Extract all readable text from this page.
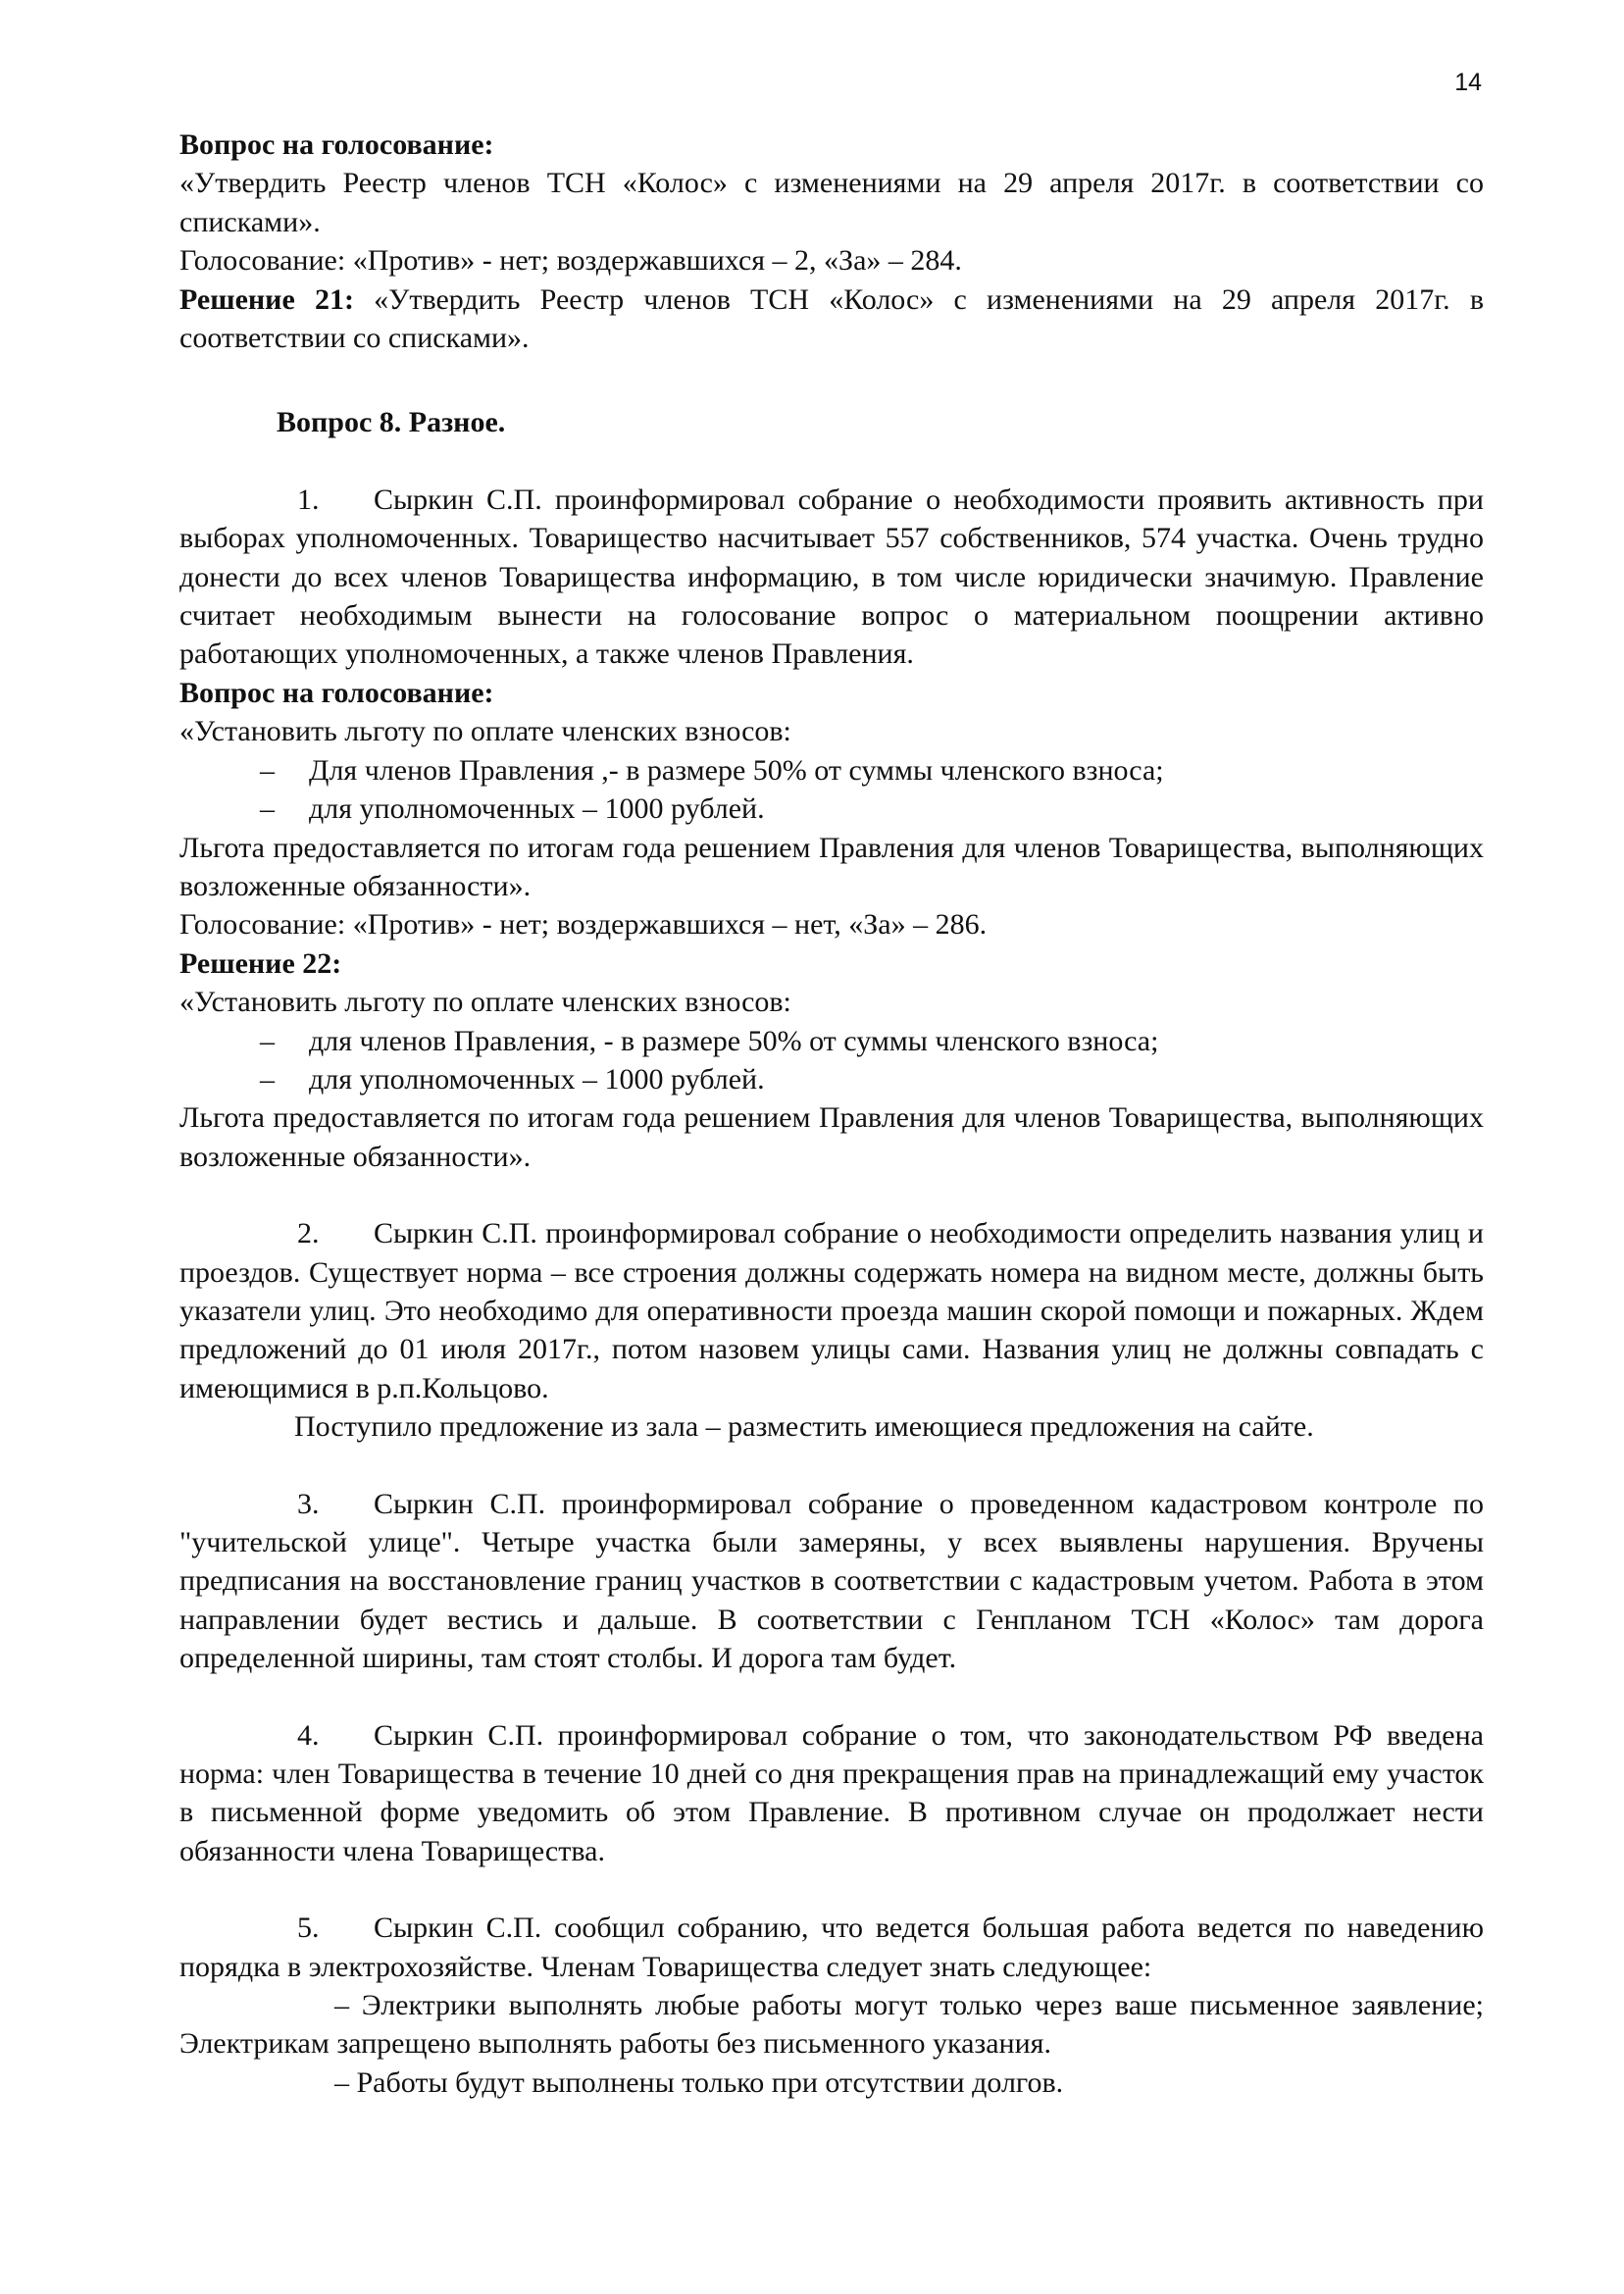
14

Вопрос на голосование:

«Утвердить Реестр членов ТСН «Колос» с изменениями на 29 апреля 2017г. в соответствии со списками».

Голосование: «Против» - нет; воздержавшихся – 2, «За» – 284.

Решение 21: «Утвердить Реестр членов ТСН «Колос» с изменениями на 29 апреля 2017г. в соответствии со списками».

Вопрос 8. Разное.

1. Сыркин С.П. проинформировал собрание о необходимости проявить активность при выборах уполномоченных. Товарищество насчитывает 557 собственников, 574 участка. Очень трудно донести до всех членов Товарищества информацию, в том числе юридически значимую. Правление считает необходимым вынести на голосование вопрос о материальном поощрении активно работающих уполномоченных, а также членов Правления.

Вопрос на голосование:

«Установить льготу по оплате членских взносов:

– Для членов Правления ,- в размере 50% от суммы членского взноса;

– для уполномоченных – 1000 рублей.

Льгота предоставляется по итогам года решением Правления для членов Товарищества, выполняющих возложенные обязанности».

Голосование: «Против» - нет; воздержавшихся – нет, «За» – 286.

Решение 22:

«Установить льготу по оплате членских взносов:

– для членов Правления, - в размере 50% от суммы членского взноса;

– для уполномоченных – 1000 рублей.

Льгота предоставляется по итогам года решением Правления для членов Товарищества, выполняющих возложенные обязанности».

2. Сыркин С.П. проинформировал собрание о необходимости определить названия улиц и проездов. Существует норма – все строения должны содержать номера на видном месте, должны быть указатели улиц. Это необходимо для оперативности проезда машин скорой помощи и пожарных. Ждем предложений до 01 июля 2017г., потом назовем улицы сами. Названия улиц не должны совпадать с имеющимися в р.п.Кольцово.

Поступило предложение из зала – разместить имеющиеся предложения на сайте.

3. Сыркин С.П. проинформировал собрание о проведенном кадастровом контроле по "учительской улице". Четыре участка были замеряны, у всех выявлены нарушения. Вручены предписания на восстановление границ участков в соответствии с кадастровым учетом. Работа в этом направлении будет вестись и дальше. В соответствии с Генпланом ТСН «Колос» там дорога определенной ширины, там стоят столбы. И дорога там будет.

4. Сыркин С.П. проинформировал собрание о том, что законодательством РФ введена норма: член Товарищества в течение 10 дней со дня прекращения прав на принадлежащий ему участок в письменной форме уведомить об этом Правление. В противном случае он продолжает нести обязанности члена Товарищества.

5. Сыркин С.П. сообщил собранию, что ведется большая работа ведется по наведению порядка в электрохозяйстве. Членам Товарищества следует знать следующее:

– Электрики выполнять любые работы могут только через ваше письменное заявление; Электрикам запрещено выполнять работы без письменного указания.

– Работы будут выполнены только при отсутствии долгов.
